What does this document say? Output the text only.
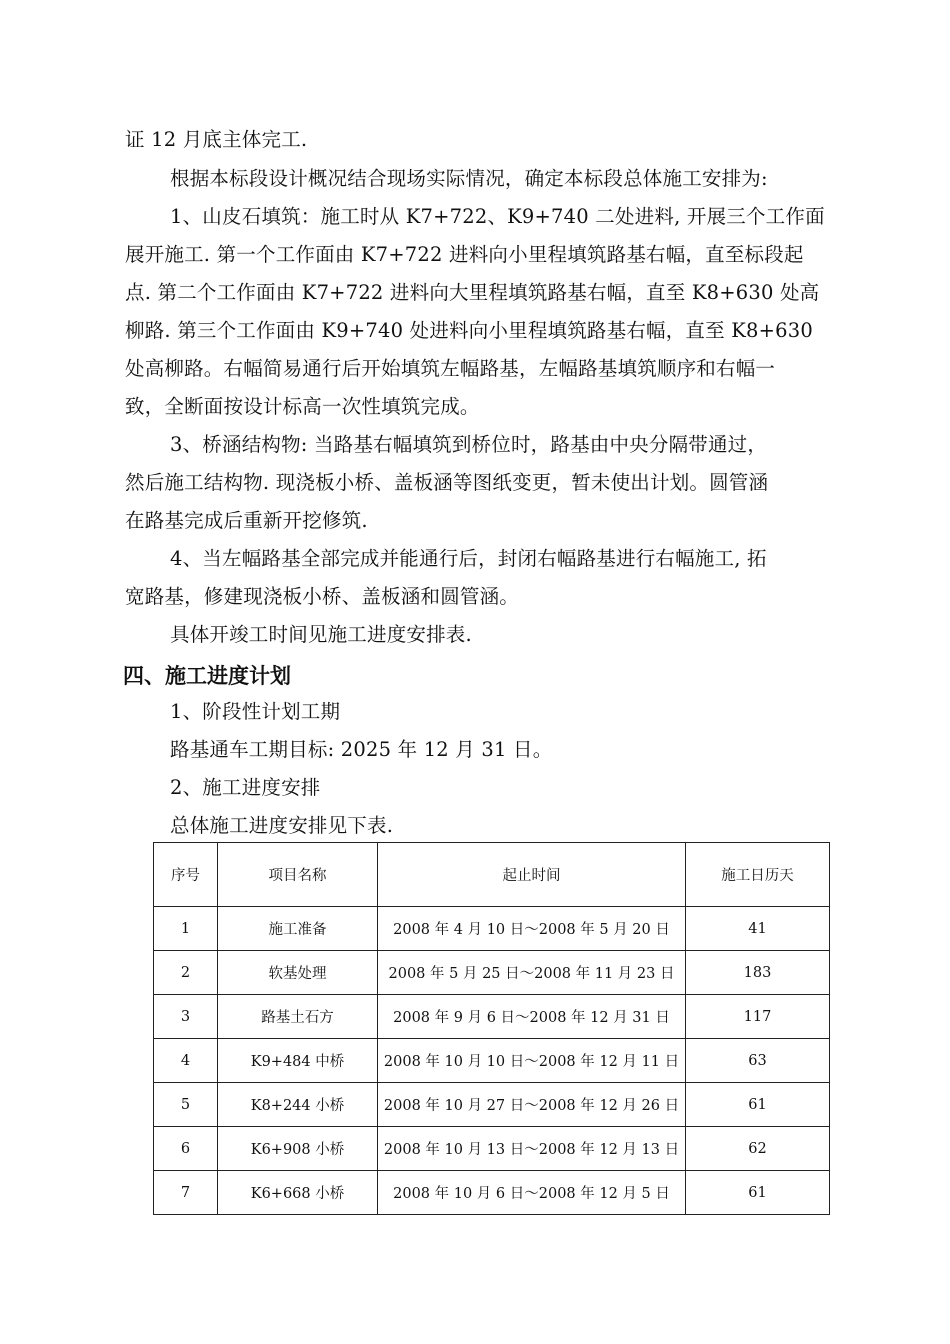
证 12 月底主体完工.

根据本标段设计概况结合现场实际情况，确定本标段总体施工安排为:

1、山皮石填筑：施工时从 K7+722、K9+740 二处进料, 开展三个工作面

展开施工. 第一个工作面由 K7+722 进料向小里程填筑路基右幅，直至标段起

点. 第二个工作面由 K7+722 进料向大里程填筑路基右幅，直至 K8+630 处高

柳路. 第三个工作面由 K9+740 处进料向小里程填筑路基右幅，直至 K8+630

处高柳路。右幅简易通行后开始填筑左幅路基，左幅路基填筑顺序和右幅一

致，全断面按设计标高一次性填筑完成。

3、桥涵结构物: 当路基右幅填筑到桥位时，路基由中央分隔带通过，

然后施工结构物. 现浇板小桥、盖板涵等图纸变更，暂未使出计划。圆管涵

在路基完成后重新开挖修筑.

4、当左幅路基全部完成并能通行后，封闭右幅路基进行右幅施工, 拓

宽路基，修建现浇板小桥、盖板涵和圆管涵。

具体开竣工时间见施工进度安排表.

四、施工进度计划

1、阶段性计划工期

路基通车工期目标: 2025 年 12 月 31 日。

2、施工进度安排

总体施工进度安排见下表.

序号	项目名称	起止时间	施工日历天
1	施工准备	2008 年 4 月 10 日～2008 年 5 月 20 日	41
2	软基处理	2008 年 5 月 25 日～2008 年 11 月 23 日	183
3	路基土石方	2008 年 9 月 6 日～2008 年 12 月 31 日	117
4	K9+484 中桥	2008 年 10 月 10 日～2008 年 12 月 11 日	63
5	K8+244 小桥	2008 年 10 月 27 日～2008 年 12 月 26 日	61
6	K6+908 小桥	2008 年 10 月 13 日～2008 年 12 月 13 日	62
7	K6+668 小桥	2008 年 10 月 6 日～2008 年 12 月 5 日	61
